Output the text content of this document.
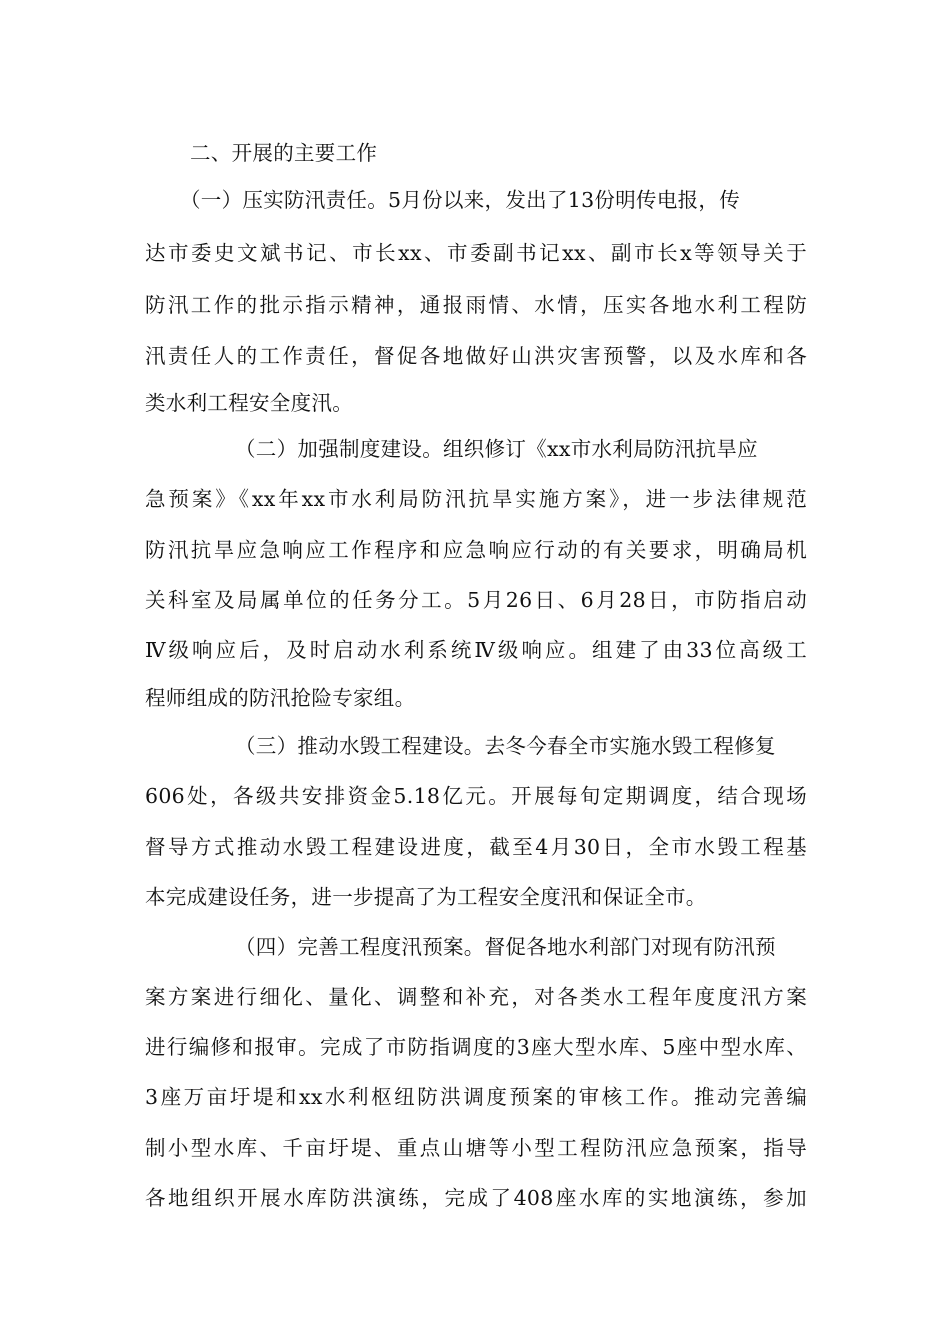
二、开展的主要工作
（一）压实防汛责任。5月份以来，发出了13份明传电报，传
达市委史文斌书记、市长xx、市委副书记xx、副市长x等领导关于
防汛工作的批示指示精神，通报雨情、水情，压实各地水利工程防
汛责任人的工作责任，督促各地做好山洪灾害预警，以及水库和各
类水利工程安全度汛。
（二）加强制度建设。组织修订《xx市水利局防汛抗旱应
急预案》《xx年xx市水利局防汛抗旱实施方案》，进一步法律规范
防汛抗旱应急响应工作程序和应急响应行动的有关要求，明确局机
关科室及局属单位的任务分工。5月26日、6月28日，市防指启动
Ⅳ级响应后，及时启动水利系统Ⅳ级响应。组建了由33位高级工
程师组成的防汛抢险专家组。
（三）推动水毁工程建设。去冬今春全市实施水毁工程修复
606处，各级共安排资金5.18亿元。开展每旬定期调度，结合现场
督导方式推动水毁工程建设进度，截至4月30日，全市水毁工程基
本完成建设任务，进一步提高了为工程安全度汛和保证全市。
（四）完善工程度汛预案。督促各地水利部门对现有防汛预
案方案进行细化、量化、调整和补充，对各类水工程年度度汛方案
进行编修和报审。完成了市防指调度的3座大型水库、5座中型水库、
3座万亩圩堤和xx水利枢纽防洪调度预案的审核工作。推动完善编
制小型水库、千亩圩堤、重点山塘等小型工程防汛应急预案，指导
各地组织开展水库防洪演练，完成了408座水库的实地演练，参加
